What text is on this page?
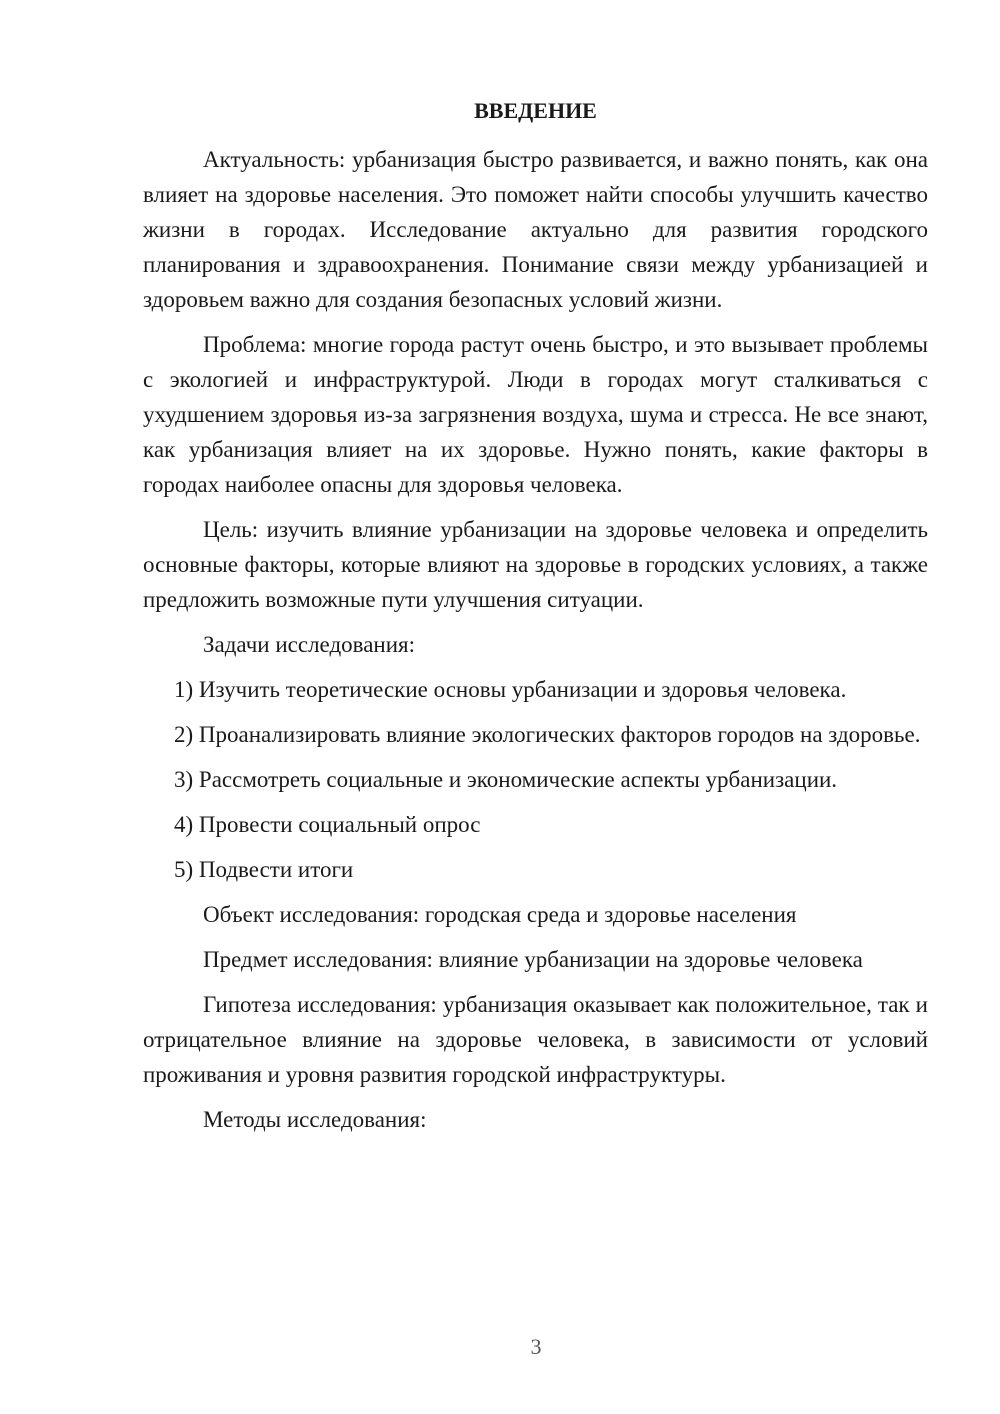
ВВЕДЕНИЕ

Актуальность: урбанизация быстро развивается, и важно понять, как она влияет на здоровье населения. Это поможет найти способы улучшить качество жизни в городах. Исследование актуально для развития городского планирования и здравоохранения. Понимание связи между урбанизацией и здоровьем важно для создания безопасных условий жизни.

Проблема: многие города растут очень быстро, и это вызывает проблемы с экологией и инфраструктурой. Люди в городах могут сталкиваться с ухудшением здоровья из-за загрязнения воздуха, шума и стресса. Не все знают, как урбанизация влияет на их здоровье. Нужно понять, какие факторы в городах наиболее опасны для здоровья человека.

Цель: изучить влияние урбанизации на здоровье человека и определить основные факторы, которые влияют на здоровье в городских условиях, а также предложить возможные пути улучшения ситуации.

Задачи исследования:

1) Изучить теоретические основы урбанизации и здоровья человека.

2) Проанализировать влияние экологических факторов городов на здоровье.

3) Рассмотреть социальные и экономические аспекты урбанизации.

4) Провести социальный опрос

5) Подвести итоги

Объект исследования: городская среда и здоровье населения

Предмет исследования: влияние урбанизации на здоровье человека

Гипотеза исследования: урбанизация оказывает как положительное, так и отрицательное влияние на здоровье человека, в зависимости от условий проживания и уровня развития городской инфраструктуры.

Методы исследования:

3
